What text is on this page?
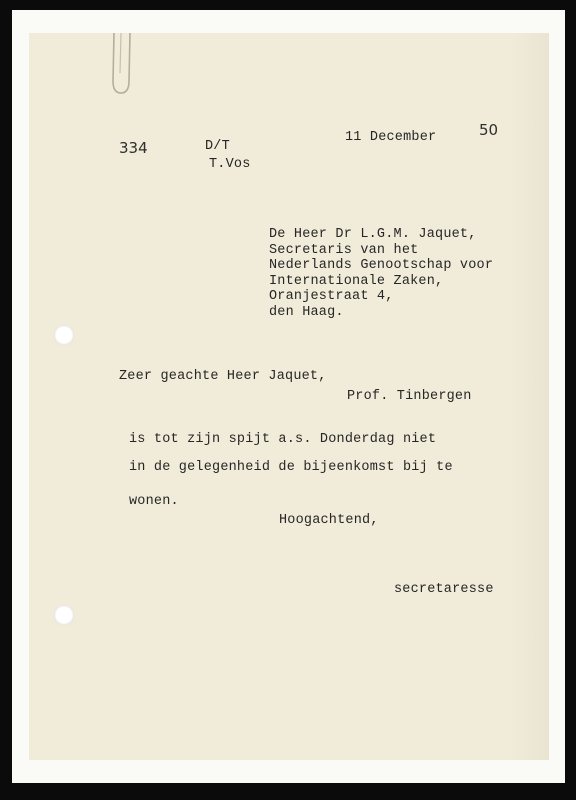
334	D/T

T.Vos

11 December	50

De Heer Dr L.G.M. Jaquet,

Secretaris van het

Nederlands Genootschap voor

Internationale Zaken,

Oranjestraat 4,

den Haag.

Zeer geachte Heer Jaquet,

Prof. Tinbergen

is tot zijn spijt a.s. Donderdag niet

in de gelegenheid de bijeenkomst bij te

wonen.

Hoogachtend,

secretaresse
